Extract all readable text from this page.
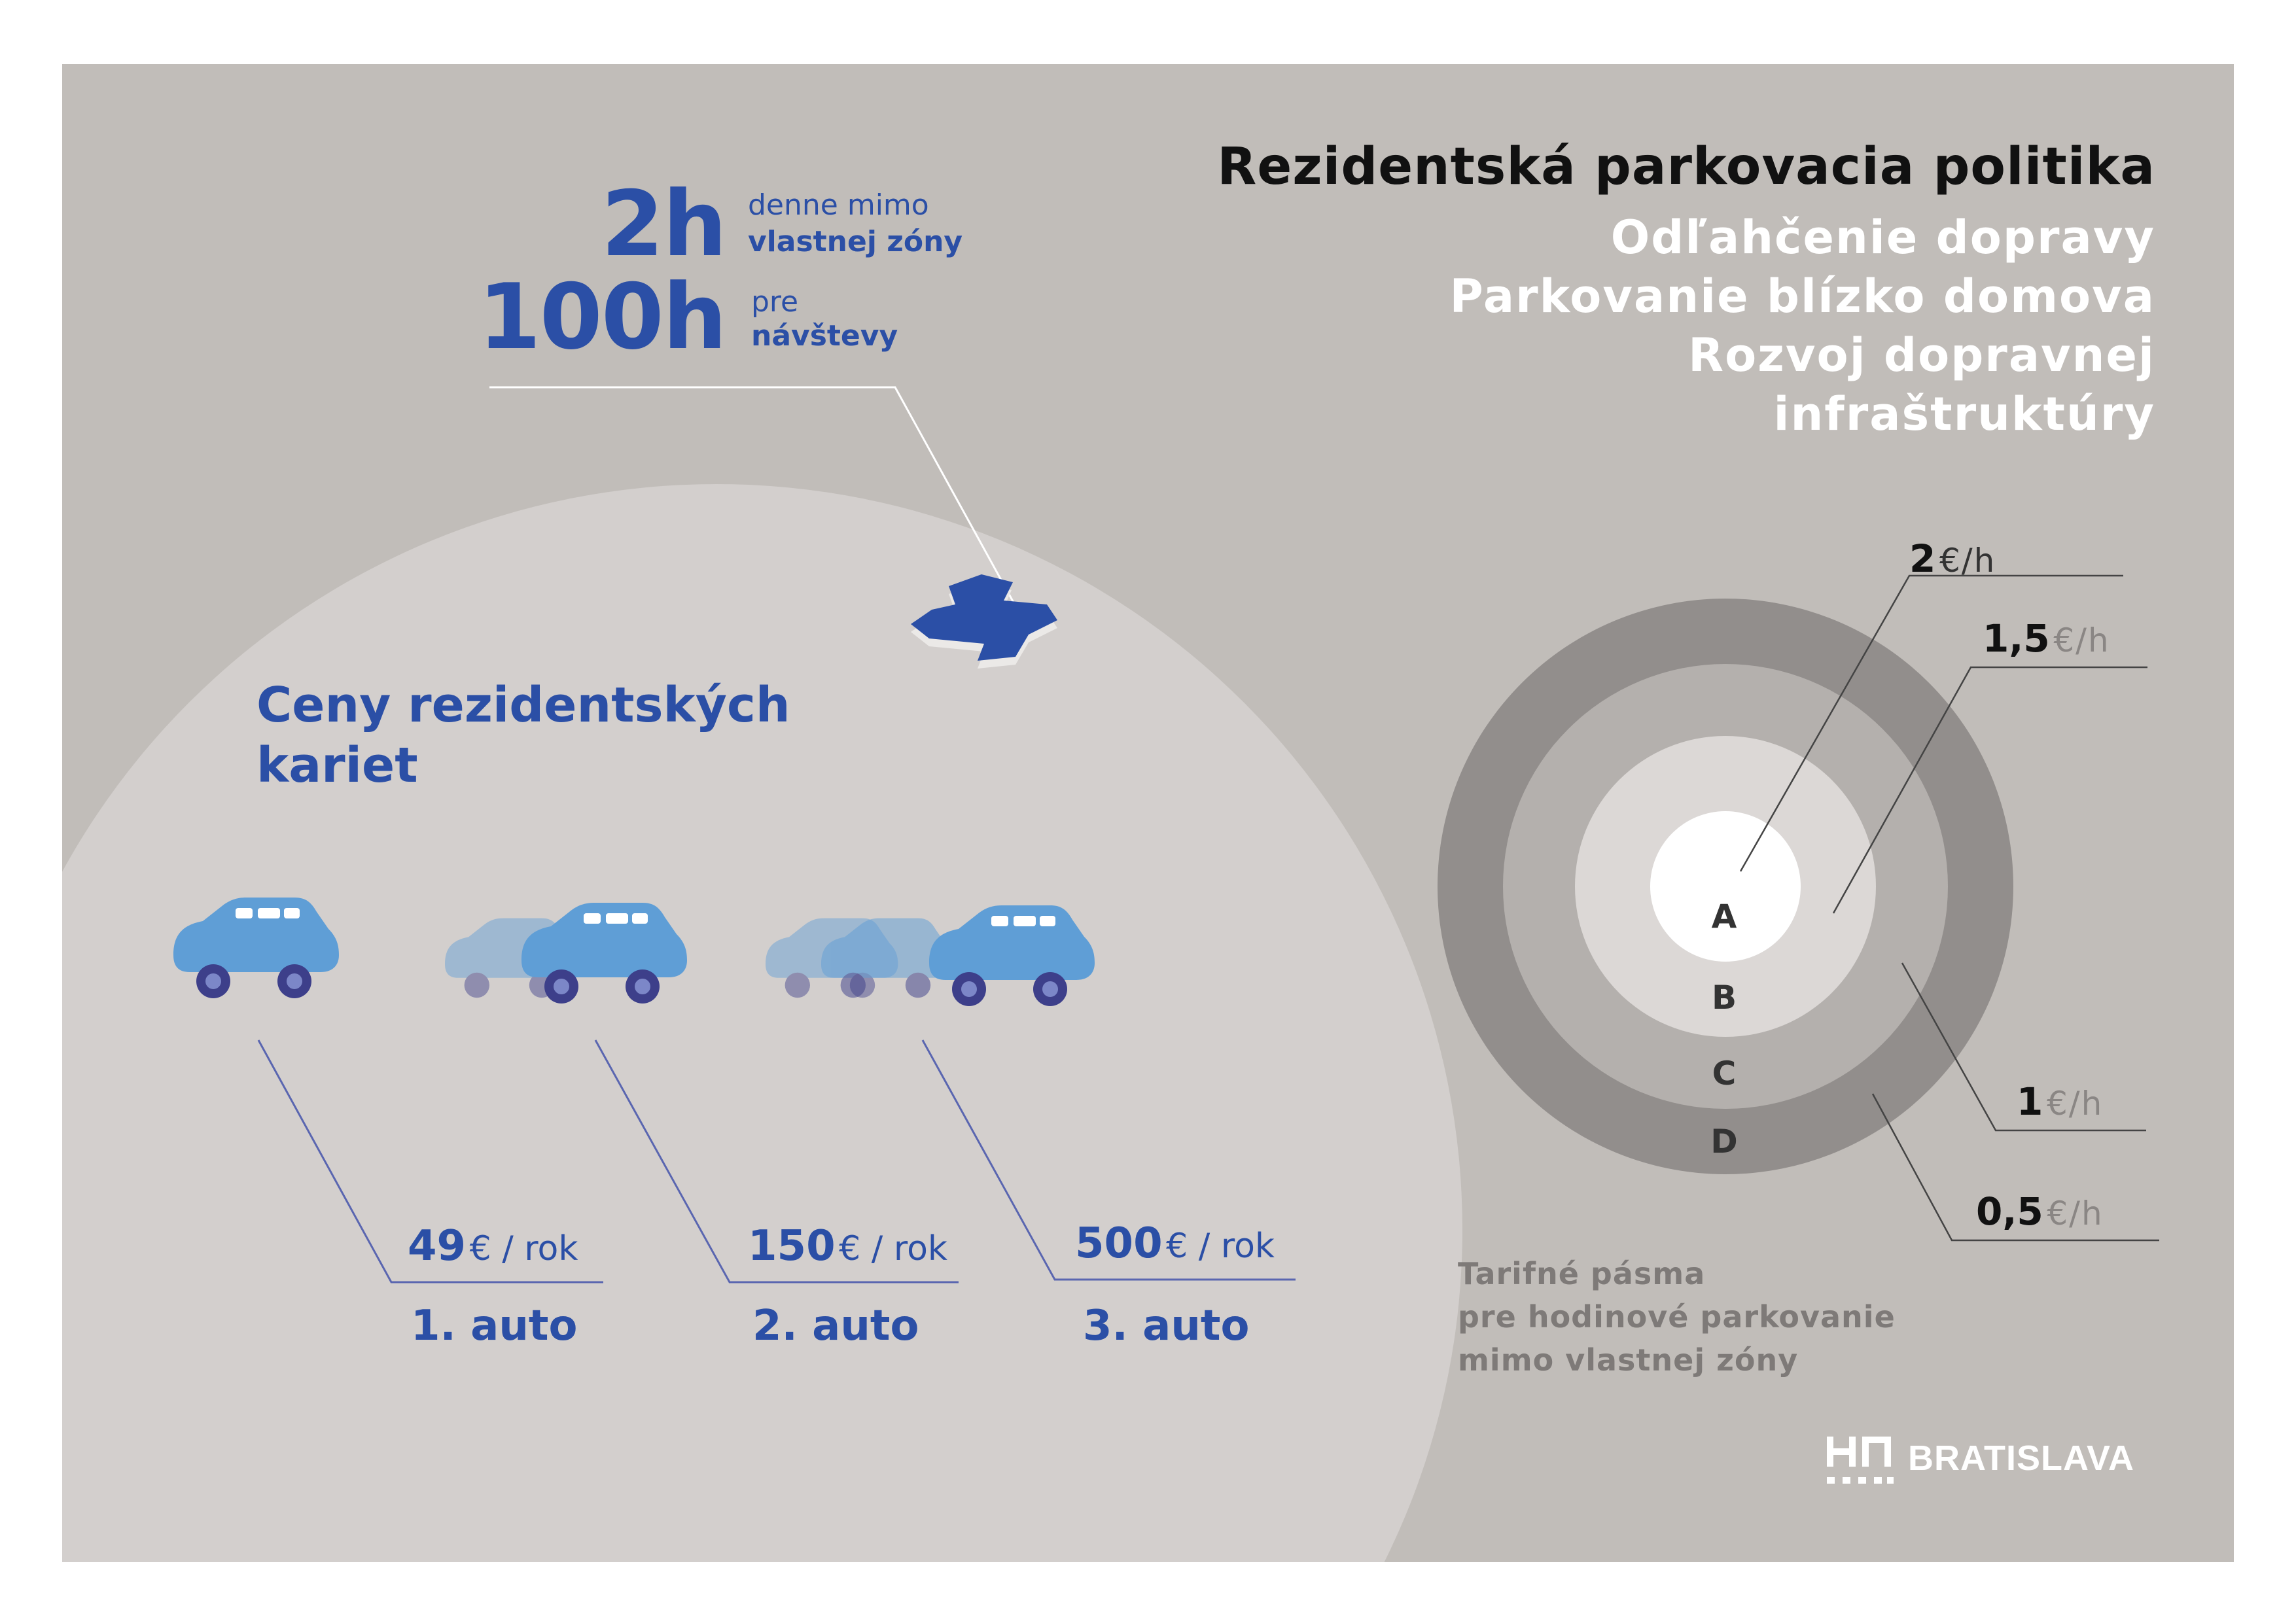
Rezidentská parkovacia politika
Odľahčenie dopravy
Parkovanie blízko domova
Rozvoj dopravnej
infraštruktúry
2h denne mimo
vlastnej zóny
100h pre
návštevy
Ceny rezidentských kariet
49 € / rok	150 € / rok	500 € / rok
1. auto	2. auto	3. auto
A
B
C
D
2 €/h
1,5 €/h
1 €/h
0,5 €/h
Tarifné pásma
pre hodinové parkovanie
mimo vlastnej zóny
BRATISLAVA
